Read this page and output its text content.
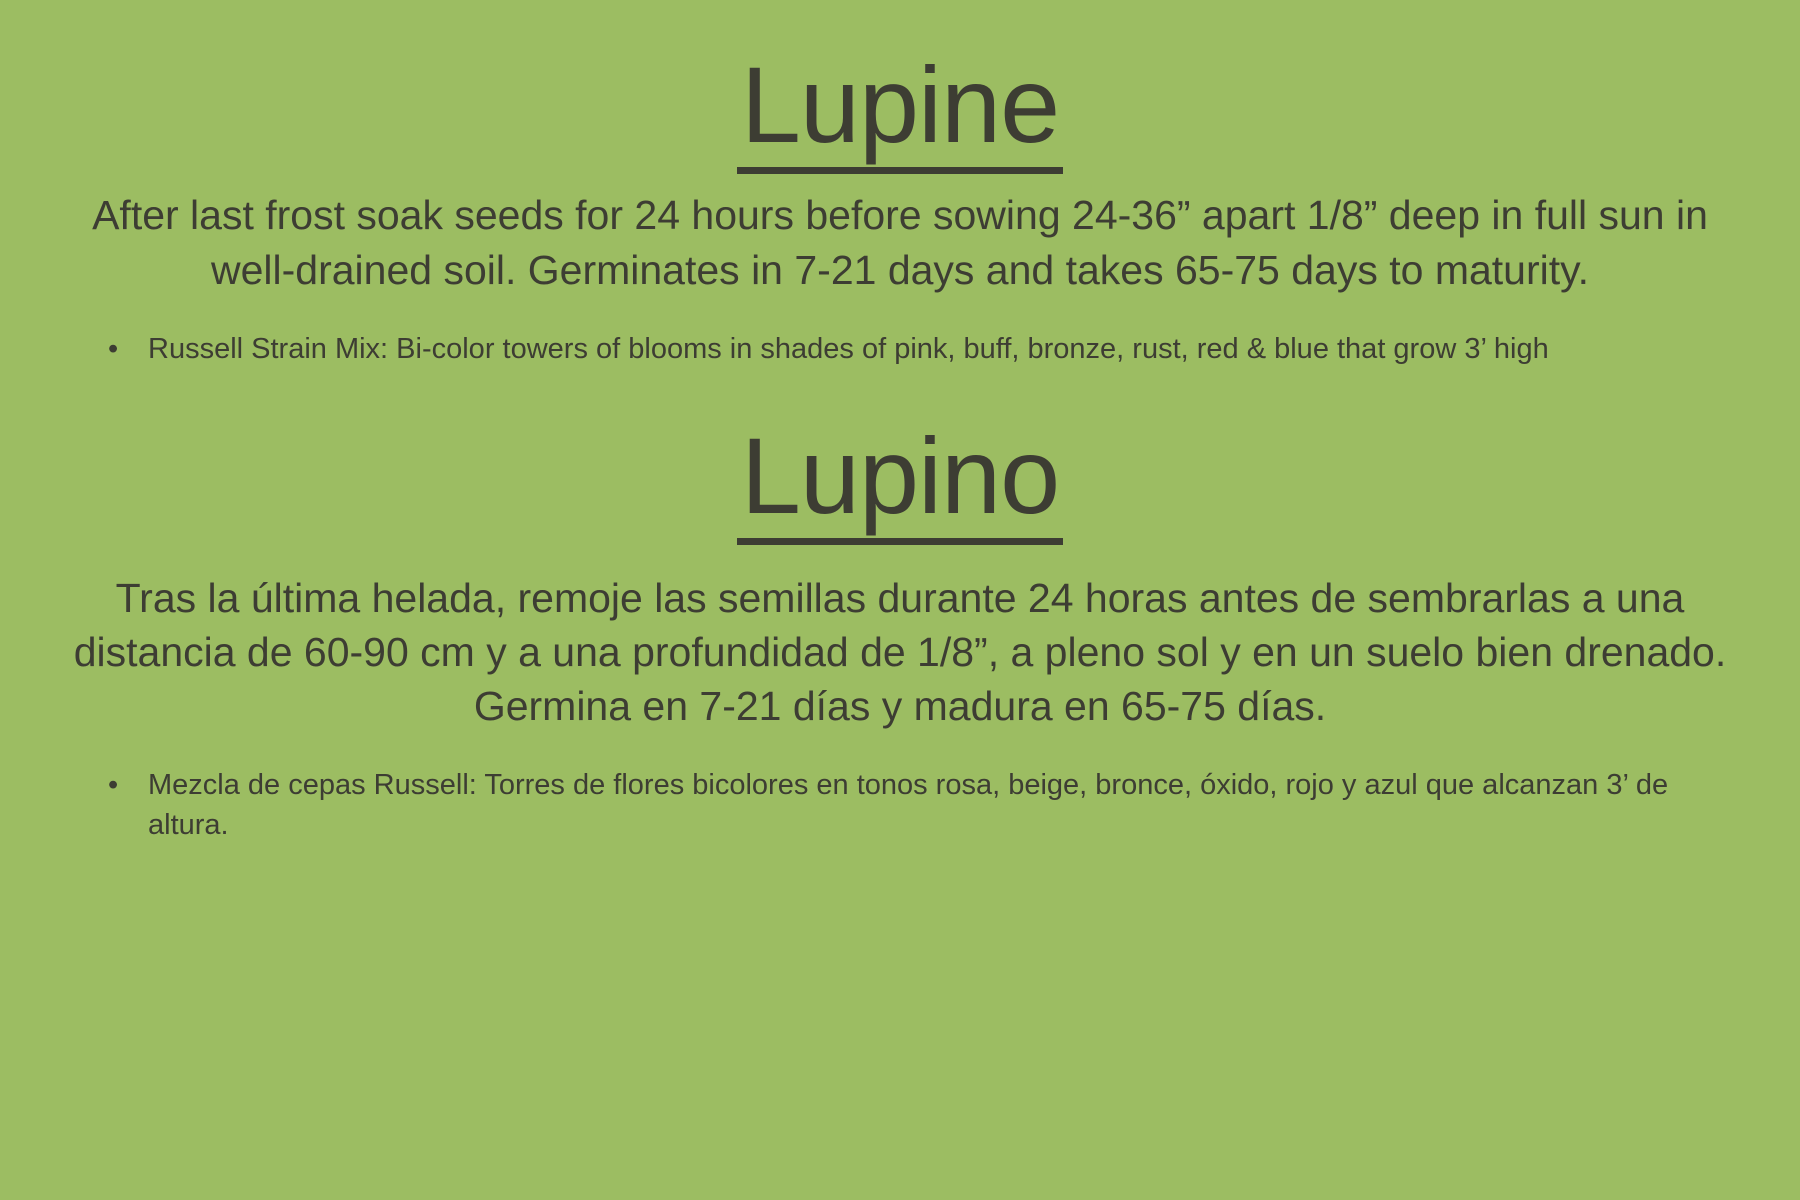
Lupine

After last frost soak seeds for 24 hours before sowing 24-36” apart 1/8” deep in full sun in well-drained soil. Germinates in 7-21 days and takes 65-75 days to maturity.

• Russell Strain Mix: Bi-color towers of blooms in shades of pink, buff, bronze, rust, red & blue that grow 3’ high
Lupino

Tras la última helada, remoje las semillas durante 24 horas antes de sembrarlas a una distancia de 60-90 cm y a una profundidad de 1/8”, a pleno sol y en un suelo bien drenado. Germina en 7-21 días y madura en 65-75 días.

• Mezcla de cepas Russell: Torres de flores bicolores en tonos rosa, beige, bronce, óxido, rojo y azul que alcanzan 3’ de altura.
